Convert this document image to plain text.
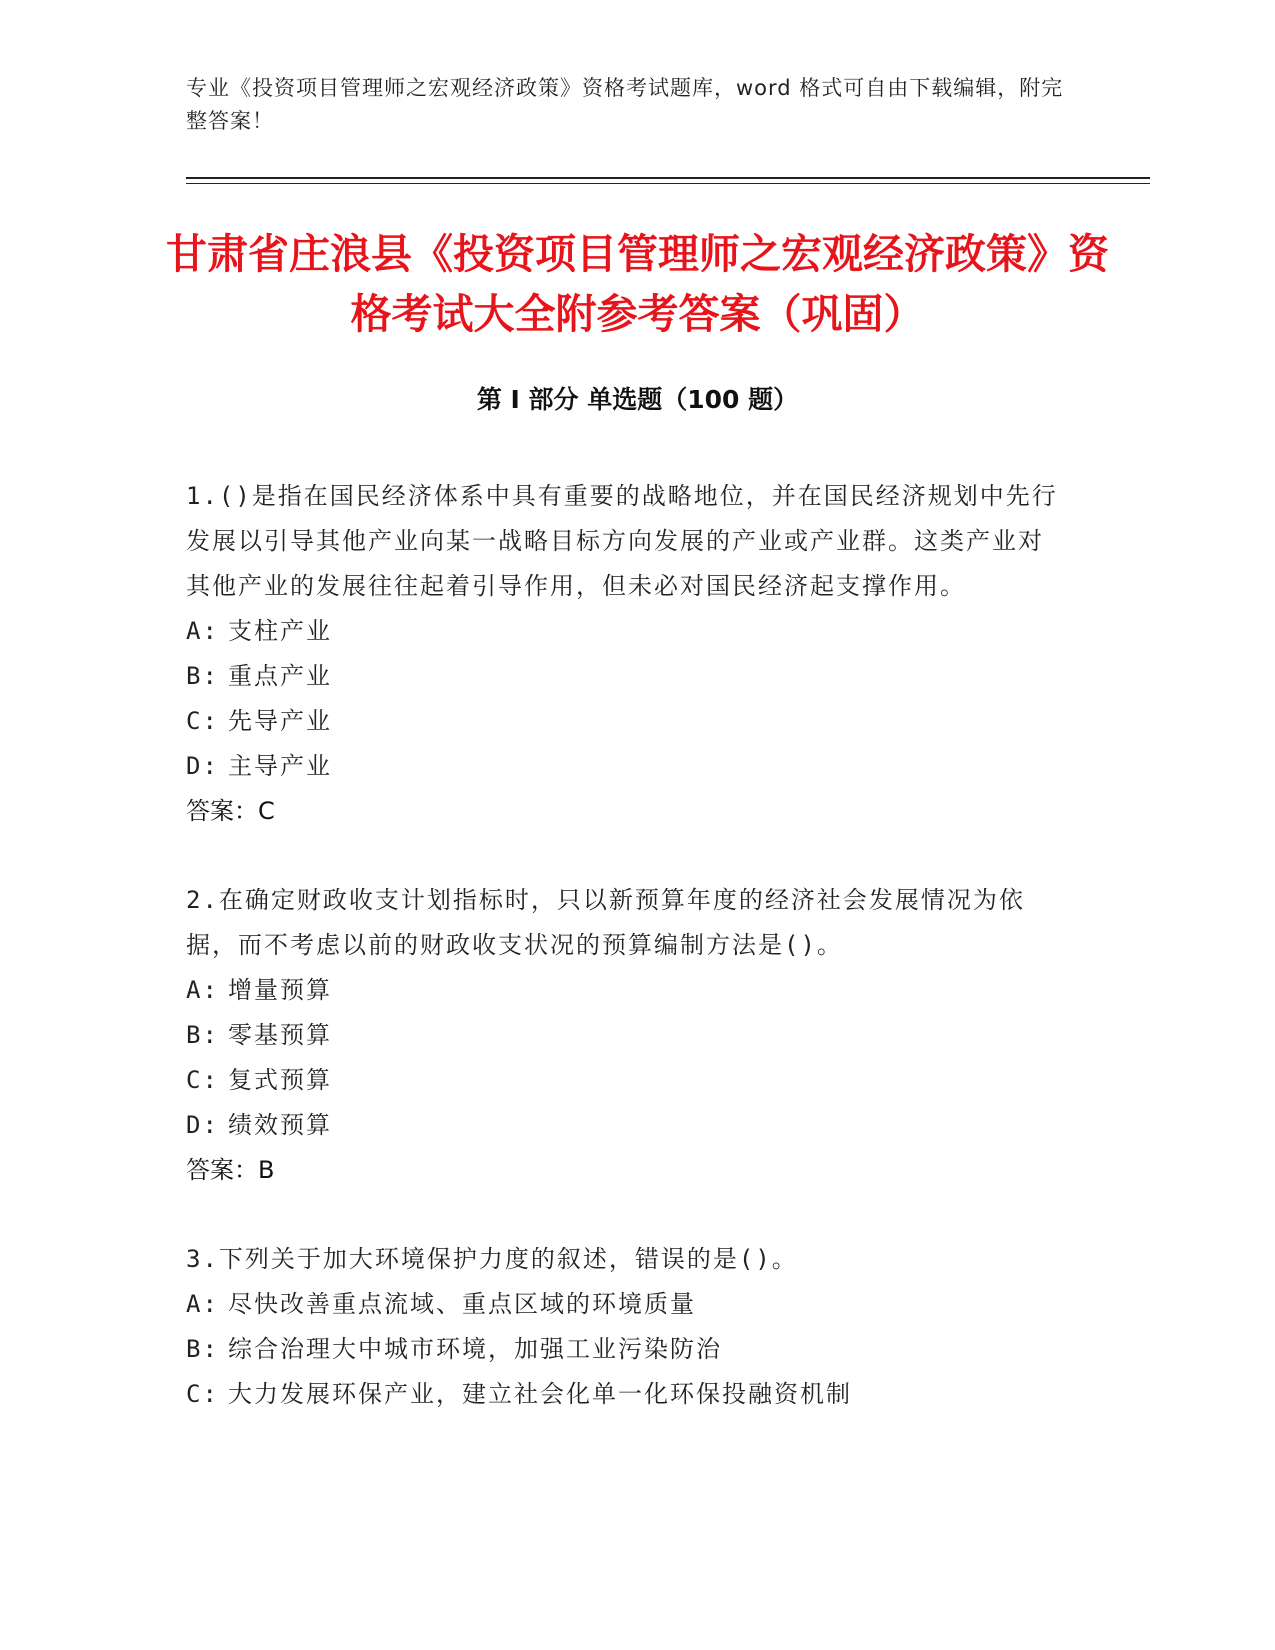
专业《投资项目管理师之宏观经济政策》资格考试题库，word 格式可自由下载编辑，附完整答案！

甘肃省庄浪县《投资项目管理师之宏观经济政策》资格考试大全附参考答案（巩固）
第 I 部分 单选题（100 题）

1.()是指在国民经济体系中具有重要的战略地位，并在国民经济规划中先行发展以引导其他产业向某一战略目标方向发展的产业或产业群。这类产业对其他产业的发展往往起着引导作用，但未必对国民经济起支撑作用。

A: 支柱产业

B: 重点产业

C: 先导产业

D: 主导产业

答案：C

2.在确定财政收支计划指标时，只以新预算年度的经济社会发展情况为依据，而不考虑以前的财政收支状况的预算编制方法是()。

A: 增量预算

B: 零基预算

C: 复式预算

D: 绩效预算

答案：B

3.下列关于加大环境保护力度的叙述，错误的是()。

A: 尽快改善重点流域、重点区域的环境质量

B: 综合治理大中城市环境，加强工业污染防治

C: 大力发展环保产业，建立社会化单一化环保投融资机制
